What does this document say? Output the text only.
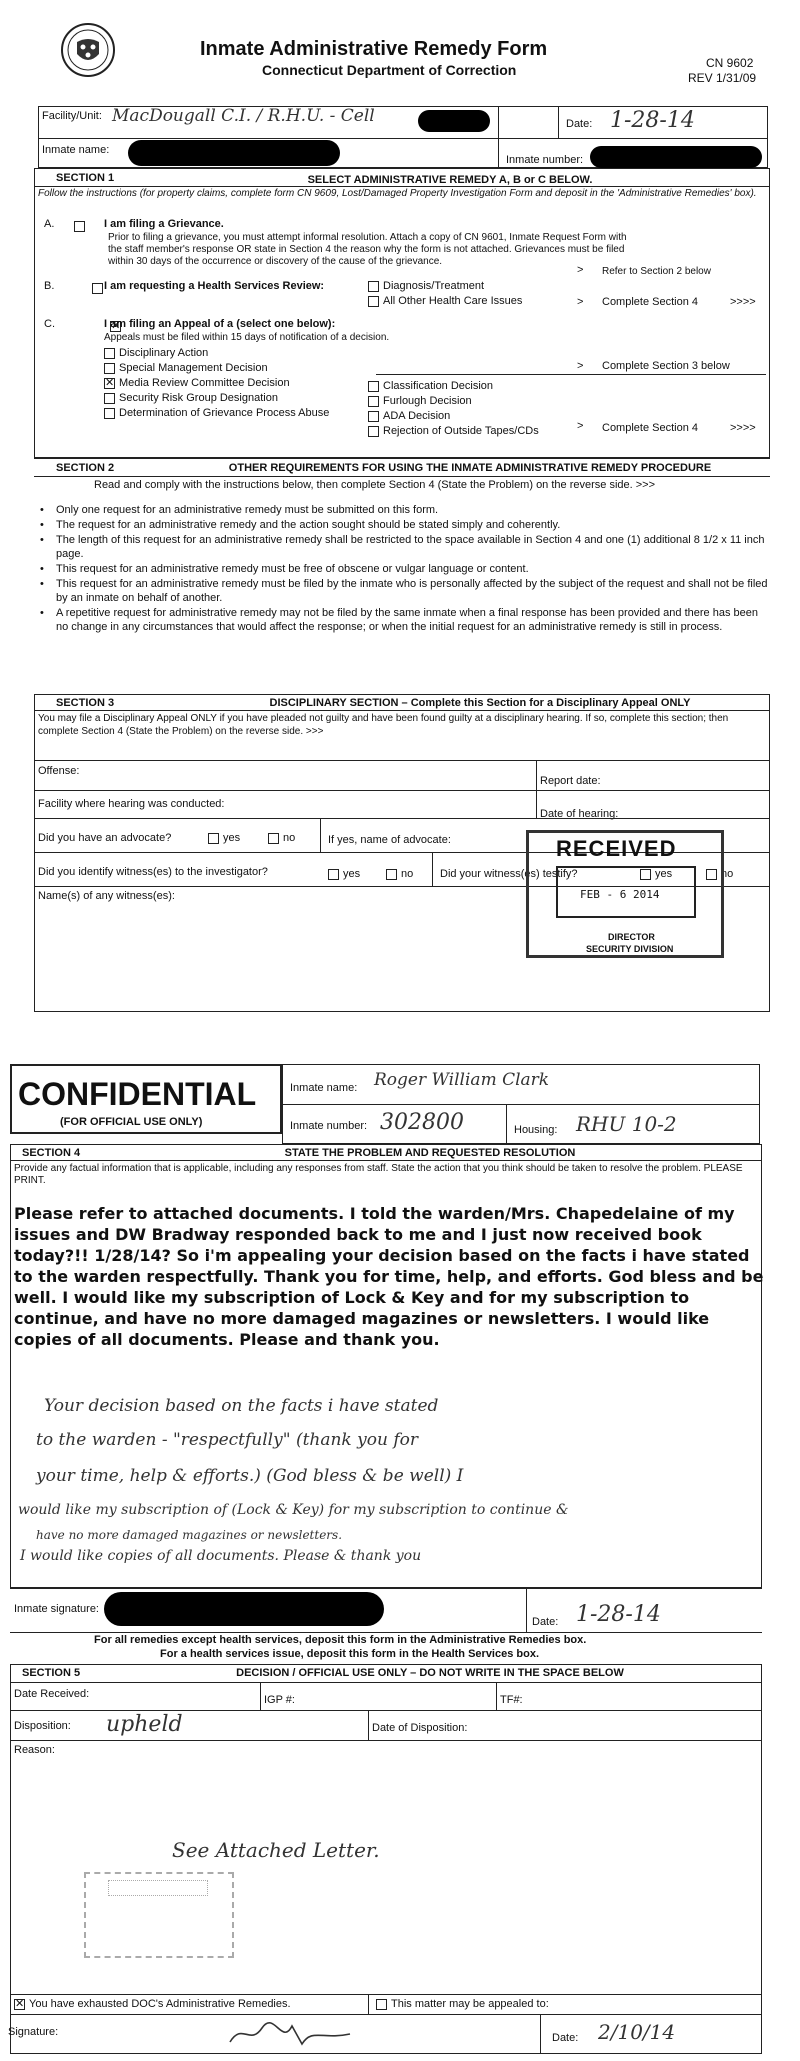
Inmate Administrative Remedy Form
Connecticut Department of Correction	CN 9602
REV 1/31/09
Facility/Unit: MacDougall C.I. / R.H.U. - Cell	Date: 1-28-14
Inmate name:
Inmate number:
SECTION 1	SELECT ADMINISTRATIVE REMEDY A, B or C BELOW.
Follow the instructions (for property claims, complete form CN 9609, Lost/Damaged Property Investigation Form and deposit in the 'Administrative Remedies' box).
A.
	I am filing a Grievance.
Prior to filing a grievance, you must attempt informal resolution. Attach a copy of CN 9601, Inmate Request Form with
the staff member's response OR state in Section 4 the reason why the form is not attached. Grievances must be filed
within 30 days of the occurrence or discovery of the cause of the grievance.
> Refer to Section 2 below
B.
	I am requesting a Health Services Review:	Diagnosis/Treatment
All Other Health Care Issues	> Complete Section 4	>>>>
C.
✕	I am filing an Appeal of a (select one below):
Appeals must be filed within 15 days of notification of a decision.
Disciplinary Action
> Complete Section 3 below
Special Management Decision
✕Media Review Committee Decision
Security Risk Group Designation
Determination of Grievance Process Abuse
Classification Decision
Furlough Decision
ADA Decision
Rejection of Outside Tapes/CDs	> Complete Section 4	>>>>
SECTION 2	OTHER REQUIREMENTS FOR USING THE INMATE ADMINISTRATIVE REMEDY PROCEDURE
Read and comply with the instructions below, then complete Section 4 (State the Problem) on the reverse side. >>>
• Only one request for an administrative remedy must be submitted on this form.
• The request for an administrative remedy and the action sought should be stated simply and coherently.
• The length of this request for an administrative remedy shall be restricted to the space available in Section 4 and one (1) additional 8 1/2 x 11 inch page.
• This request for an administrative remedy must be free of obscene or vulgar language or content.
• This request for an administrative remedy must be filed by the inmate who is personally affected by the subject of the request and shall not be filed by an inmate on behalf of another.
• A repetitive request for administrative remedy may not be filed by the same inmate when a final response has been provided and there has been no change in any circumstances that would affect the response; or when the initial request for an administrative remedy is still in process.
SECTION 3	DISCIPLINARY SECTION – Complete this Section for a Disciplinary Appeal ONLY
You may file a Disciplinary Appeal ONLY if you have pleaded not guilty and have been found guilty at a disciplinary hearing. If so, complete this section; then complete Section 4 (State the Problem) on the reverse side. >>>
Offense:
Report date:
Facility where hearing was conducted:
Date of hearing:
Did you have an advocate?	yes	no	If yes, name of advocate:
Did you identify witness(es) to the investigator?	yes	no Did your witness(es) testify?	yes	no
Name(s) of any witness(es):
RECEIVED
FEB - 6 2014
DIRECTOR
SECURITY DIVISION
CONFIDENTIAL
(FOR OFFICIAL USE ONLY)
Inmate name: Roger William Clark
Inmate number: 302800	Housing: RHU 10-2
SECTION 4	STATE THE PROBLEM AND REQUESTED RESOLUTION
Provide any factual information that is applicable, including any responses from staff. State the action that you think should be taken to resolve the problem. PLEASE PRINT.
Please refer to attached documents. I told the warden/Mrs. Chapedelaine of my issues and DW Bradway responded back to me and I just now received book today?!! 1/28/14? So i'm appealing your decision based on the facts i have stated to the warden respectfully. Thank you for time, help, and efforts. God bless and be well. I would like my subscription of Lock & Key and for my subscription to continue, and have no more damaged magazines or newsletters. I would like copies of all documents. Please and thank you.
Your decision based on the facts i have stated
to the warden - "respectfully" (thank you for
your time, help & efforts.) (God bless & be well) I
would like my subscription of (Lock & Key) for my subscription to continue &
have no more damaged magazines or newsletters.
I would like copies of all documents. Please & thank you
Inmate signature:
Date: 1-28-14
For all remedies except health services, deposit this form in the Administrative Remedies box.
For a health services issue, deposit this form in the Health Services box.
SECTION 5	DECISION / OFFICIAL USE ONLY – DO NOT WRITE IN THE SPACE BELOW
Date Received:	IGP #:	TF#:
Disposition: upheld	Date of Disposition:
Reason:
See Attached Letter.
✕You have exhausted DOC's Administrative Remedies.	This matter may be appealed to:
Signature:	Date: 2/10/14
